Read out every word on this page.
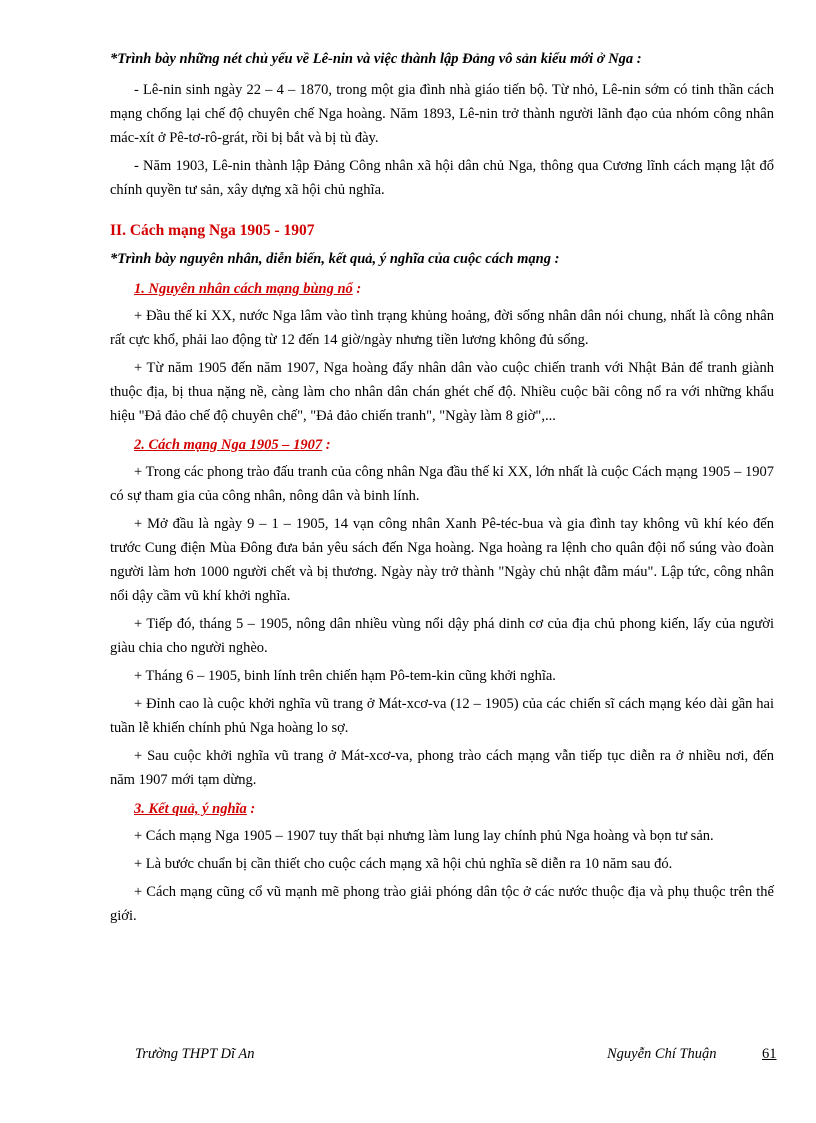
*Trình bày những nét chủ yếu về Lê-nin và việc thành lập Đảng vô sản kiểu mới ở Nga :

- Lê-nin sinh ngày 22 – 4 – 1870, trong một gia đình nhà giáo tiến bộ. Từ nhỏ, Lê-nin sớm có tinh thần cách mạng chống lại chế độ chuyên chế Nga hoàng. Năm 1893, Lê-nin trở thành người lãnh đạo của nhóm công nhân mác-xít ở Pê-tơ-rô-grát, rồi bị bắt và bị tù đày.

- Năm 1903, Lê-nin thành lập Đảng Công nhân xã hội dân chủ Nga, thông qua Cương lĩnh cách mạng lật đổ chính quyền tư sản, xây dựng xã hội chủ nghĩa.

II. Cách mạng Nga 1905 - 1907
*Trình bày nguyên nhân, diễn biến, kết quả, ý nghĩa của cuộc cách mạng :
1. Nguyên nhân cách mạng bùng nổ :

+ Đầu thế kỉ XX, nước Nga lâm vào tình trạng khủng hoảng, đời sống nhân dân nói chung, nhất là công nhân rất cực khổ, phải lao động từ 12 đến 14 giờ/ngày nhưng tiền lương không đủ sống.

+ Từ năm 1905 đến năm 1907, Nga hoàng đẩy nhân dân vào cuộc chiến tranh với Nhật Bản để tranh giành thuộc địa, bị thua nặng nề, càng làm cho nhân dân chán ghét chế độ. Nhiều cuộc bãi công nổ ra với những khẩu hiệu "Đả đảo chế độ chuyên chế", "Đả đảo chiến tranh", "Ngày làm 8 giờ",...

2. Cách mạng Nga 1905 – 1907 :

+ Trong các phong trào đấu tranh của công nhân Nga đầu thế kỉ XX, lớn nhất là cuộc Cách mạng 1905 – 1907 có sự tham gia của công nhân, nông dân và binh lính.

+ Mở đầu là ngày 9 – 1 – 1905, 14 vạn công nhân Xanh Pê-téc-bua và gia đình tay không vũ khí kéo đến trước Cung điện Mùa Đông đưa bản yêu sách đến Nga hoàng. Nga hoàng ra lệnh cho quân đội nổ súng vào đoàn người làm hơn 1000 người chết và bị thương. Ngày này trở thành "Ngày chủ nhật đẫm máu". Lập tức, công nhân nổi dậy cầm vũ khí khởi nghĩa.

+ Tiếp đó, tháng 5 – 1905, nông dân nhiều vùng nổi dậy phá dinh cơ của địa chủ phong kiến, lấy của người giàu chia cho người nghèo.

+ Tháng 6 – 1905, binh lính trên chiến hạm Pô-tem-kin cũng khởi nghĩa.

+ Đỉnh cao là cuộc khởi nghĩa vũ trang ở Mát-xcơ-va (12 – 1905) của các chiến sĩ cách mạng kéo dài gần hai tuần lễ khiến chính phủ Nga hoàng lo sợ.

+ Sau cuộc khởi nghĩa vũ trang ở Mát-xcơ-va, phong trào cách mạng vẫn tiếp tục diễn ra ở nhiều nơi, đến năm 1907 mới tạm dừng.

3. Kết quả, ý nghĩa :

+ Cách mạng Nga 1905 – 1907 tuy thất bại nhưng làm lung lay chính phủ Nga hoàng và bọn tư sản.

+ Là bước chuẩn bị cần thiết cho cuộc cách mạng xã hội chủ nghĩa sẽ diễn ra 10 năm sau đó.

+ Cách mạng cũng cổ vũ mạnh mẽ phong trào giải phóng dân tộc ở các nước thuộc địa và phụ thuộc trên thế giới.

Trường THPT Dĩ An	Nguyễn Chí Thuận	61
